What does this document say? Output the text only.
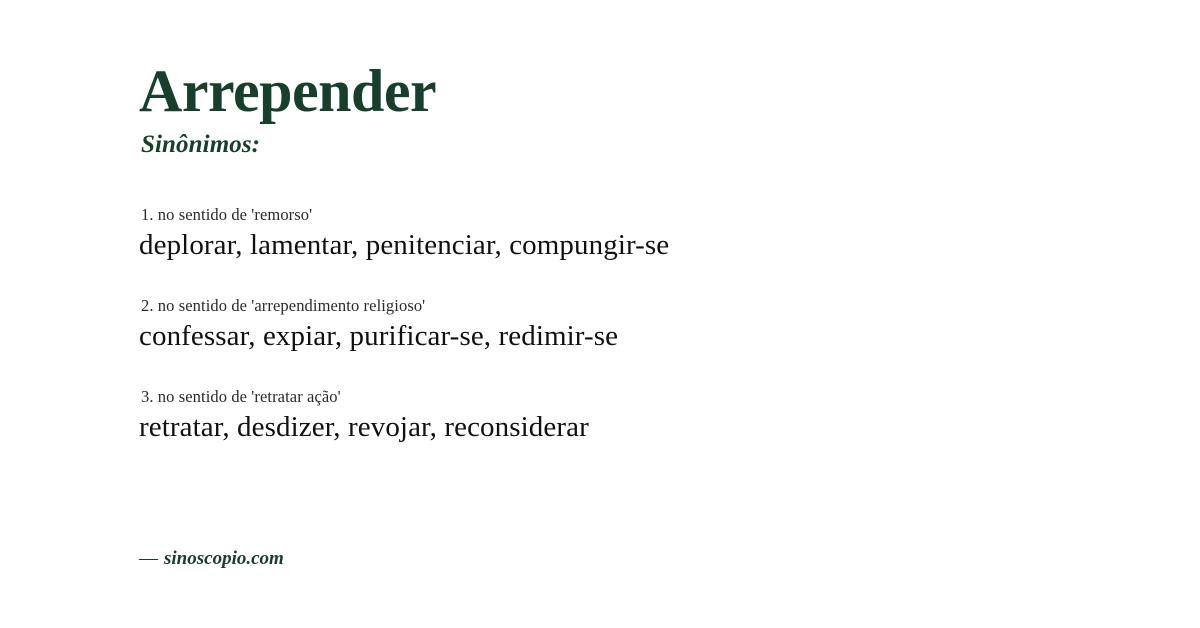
Arrepender
Sinônimos:
1. no sentido de 'remorso'
deplorar, lamentar, penitenciar, compungir-se
2. no sentido de 'arrependimento religioso'
confessar, expiar, purificar-se, redimir-se
3. no sentido de 'retratar ação'
retratar, desdizer, revojar, reconsiderar
— sinoscopio.com
